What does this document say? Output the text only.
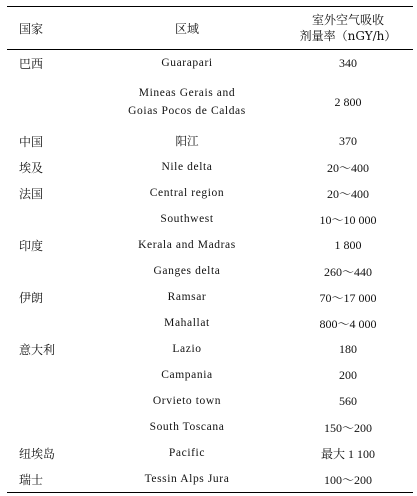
国家	区域	室外空气吸收
剂量率（nGY/h）

巴西	Guarapari	340

	Mineas Gerais and
Goias Pocos de Caldas	2 800
中国	阳江	370
埃及	Nile delta	20～400
法国	Central region	20～400
	Southwest	10～10 000
印度	Kerala and Madras	1 800
	Ganges delta	260～440
伊朗	Ramsar	70～17 000
	Mahallat	800～4 000
意大利	Lazio	180
	Campania	200
	Orvieto town	560
	South Toscana	150～200
纽埃岛	Pacific	最大 1 100
瑞士	Tessin Alps Jura	100～200
